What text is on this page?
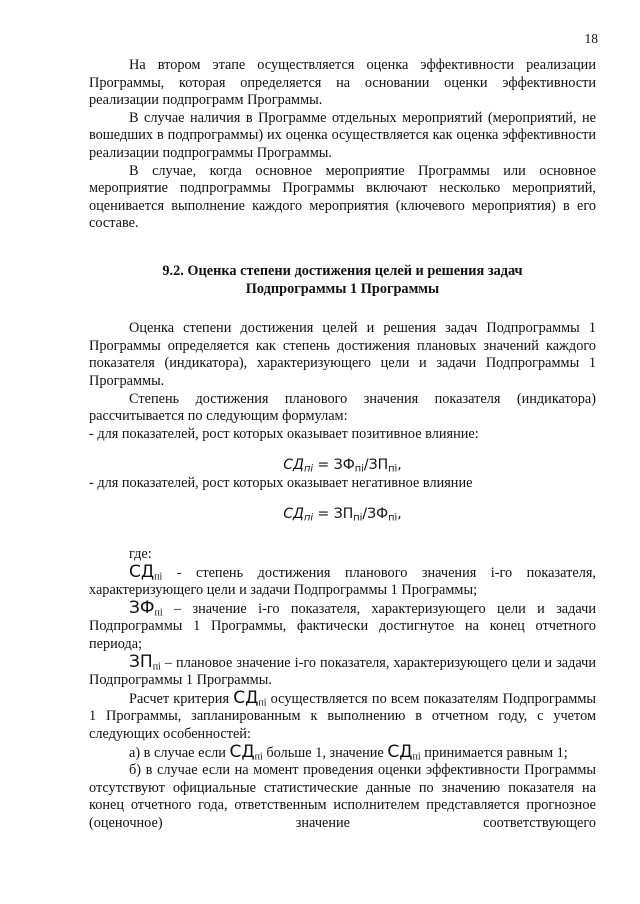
18

На втором этапе осуществляется оценка эффективности реализации Программы, которая определяется на основании оценки эффективности реализации подпрограмм Программы.

В случае наличия в Программе отдельных мероприятий (мероприятий, не вошедших в подпрограммы) их оценка осуществляется как оценка эффективности реализации подпрограммы Программы.

В случае, когда основное мероприятие Программы или основное мероприятие подпрограммы Программы включают несколько мероприятий, оценивается выполнение каждого мероприятия (ключевого мероприятия) в его составе.

9.2. Оценка степени достижения целей и решения задач

Подпрограммы 1 Программы

Оценка степени достижения целей и решения задач Подпрограммы 1 Программы определяется как степень достижения плановых значений каждого показателя (индикатора), характеризующего цели и задачи Подпрограммы 1 Программы.

Степень достижения планового значения показателя (индикатора) рассчитывается по следующим формулам:

- для показателей, рост которых оказывает позитивное влияние:

$СД_{пi} = ЗФ_{пi}/ЗП_{пi}$,

- для показателей, рост которых оказывает негативное влияние

$СД_{пi} = ЗП_{пi}/ЗФ_{пi}$,

где:

$СД_{пi}$ - степень достижения планового значения i-го показателя, характеризующего цели и задачи Подпрограммы 1 Программы;

$ЗФ_{пi}$ – значение i-го показателя, характеризующего цели и задачи Подпрограммы 1 Программы, фактически достигнутое на конец отчетного периода;

$ЗП_{пi}$ – плановое значение i-го показателя, характеризующего цели и задачи Подпрограммы 1 Программы.

Расчет критерия $СД_{пi}$ осуществляется по всем показателям Подпрограммы 1 Программы, запланированным к выполнению в отчетном году, с учетом следующих особенностей:

а) в случае если $СД_{пi}$ больше 1, значение $СД_{пi}$ принимается равным 1;

б) в случае если на момент проведения оценки эффективности Программы отсутствуют официальные статистические данные по значению показателя на конец отчетного года, ответственным исполнителем представляется прогнозное (оценочное) значение соответствующего
